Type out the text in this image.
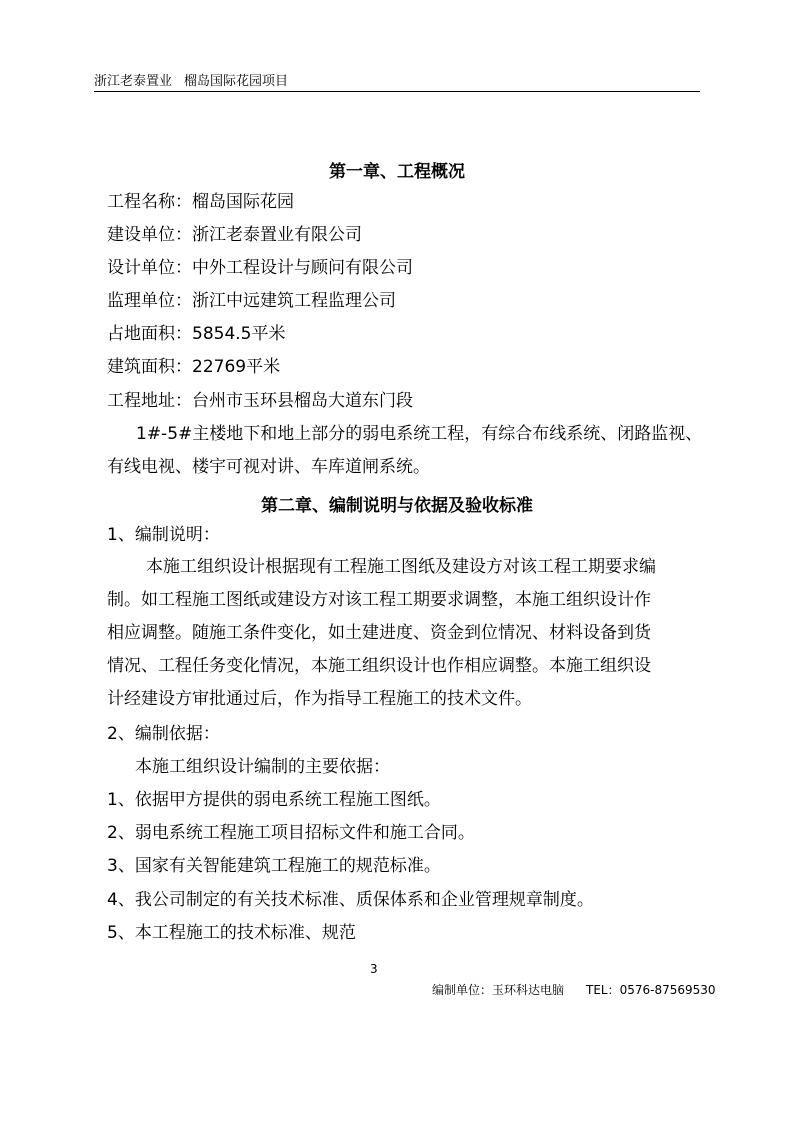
浙江老泰置业 榴岛国际花园项目
第一章、工程概况
工程名称：榴岛国际花园
建设单位：浙江老泰置业有限公司
设计单位：中外工程设计与顾问有限公司
监理单位：浙江中远建筑工程监理公司
占地面积：5854.5平米
建筑面积：22769平米
工程地址：台州市玉环县榴岛大道东门段
1#-5#主楼地下和地上部分的弱电系统工程，有综合布线系统、闭路监视、
有线电视、楼宇可视对讲、车库道闸系统。
第二章、编制说明与依据及验收标准
1、编制说明：
本施工组织设计根据现有工程施工图纸及建设方对该工程工期要求编
制。如工程施工图纸或建设方对该工程工期要求调整，本施工组织设计作
相应调整。随施工条件变化，如土建进度、资金到位情况、材料设备到货
情况、工程任务变化情况，本施工组织设计也作相应调整。本施工组织设
计经建设方审批通过后，作为指导工程施工的技术文件。
2、编制依据：
本施工组织设计编制的主要依据：
1、依据甲方提供的弱电系统工程施工图纸。
2、弱电系统工程施工项目招标文件和施工合同。
3、国家有关智能建筑工程施工的规范标准。
4、我公司制定的有关技术标准、质保体系和企业管理规章制度。
5、本工程施工的技术标准、规范
3
编制单位：玉环科达电脑 TEL：0576-87569530
